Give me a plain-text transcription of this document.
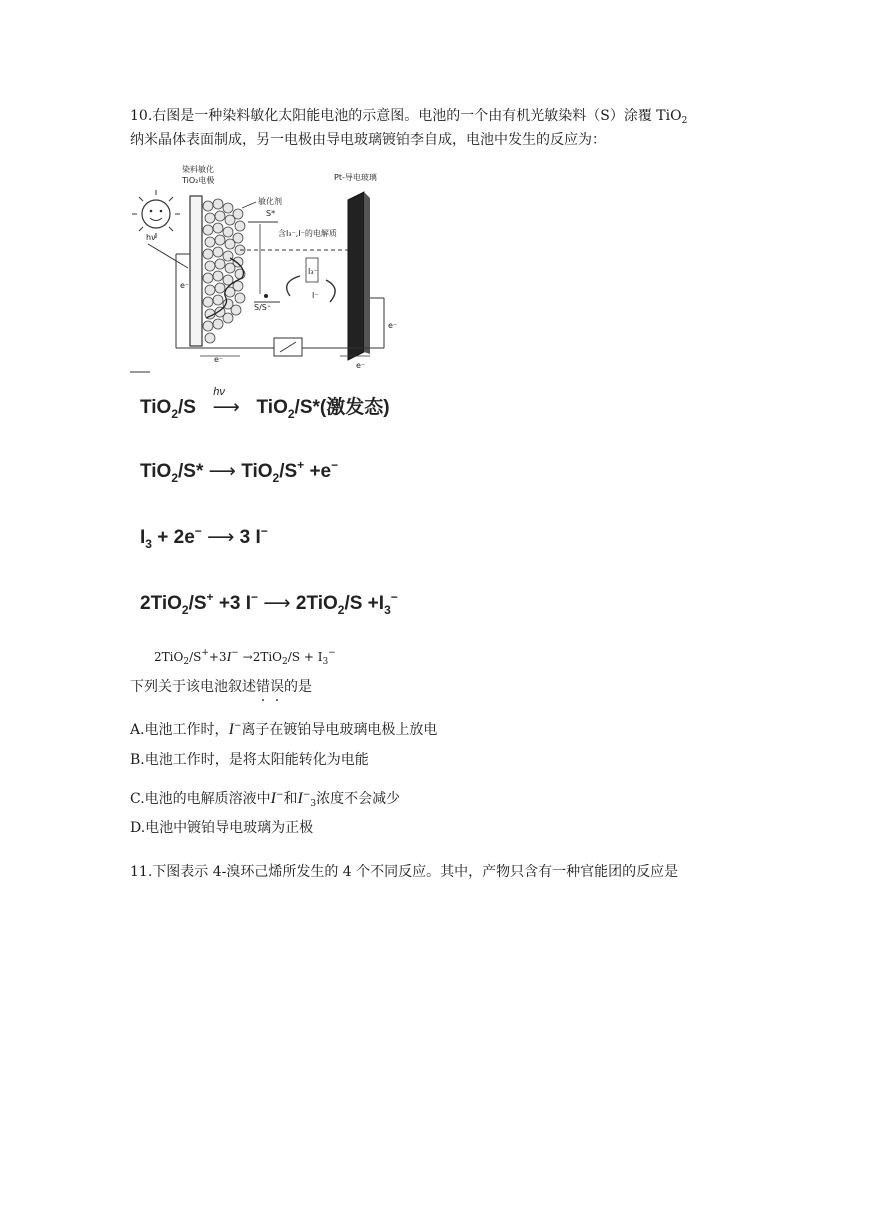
10.右图是一种染料敏化太阳能电池的示意图。电池的一个由有机光敏染料（S）涂覆 TiO$_2$
纳米晶体表面制成，另一电极由导电玻璃镀铂李自成，电池中发生的反应为：
染料敏化
TiO₂电极	Pt-导电玻璃
hν
敏化剂
S*
含I₃⁻,I⁻的电解质
S/S⁺
I₃⁻
I⁻
e⁻
e⁻
e⁻
e⁻
TiO$_2$/S
hν
⟶ TiO$_2$/S*(激发态)
TiO$_2$/S* ⟶ TiO$_2$/S+ +e−
$I_3 + 2e^-$ ⟶ 3 I−
2TiO$_2$/S+ +3 I− ⟶ $2TiO_2/S +I_3^-$
$2TiO_2/S^++3I^- \to 2TiO_2/S + I_3^-$
下列关于该电池叙述错误的是
A.电池工作时，I−离子在镀铂导电玻璃电极上放电
B.电池工作时，是将太阳能转化为电能
C.电池的电解质溶液中I−和$I^-_3$浓度不会减少
D.电池中镀铂导电玻璃为正极
11.下图表示 4-溴环己烯所发生的 4 个不同反应。其中，产物只含有一种官能团的反应是
